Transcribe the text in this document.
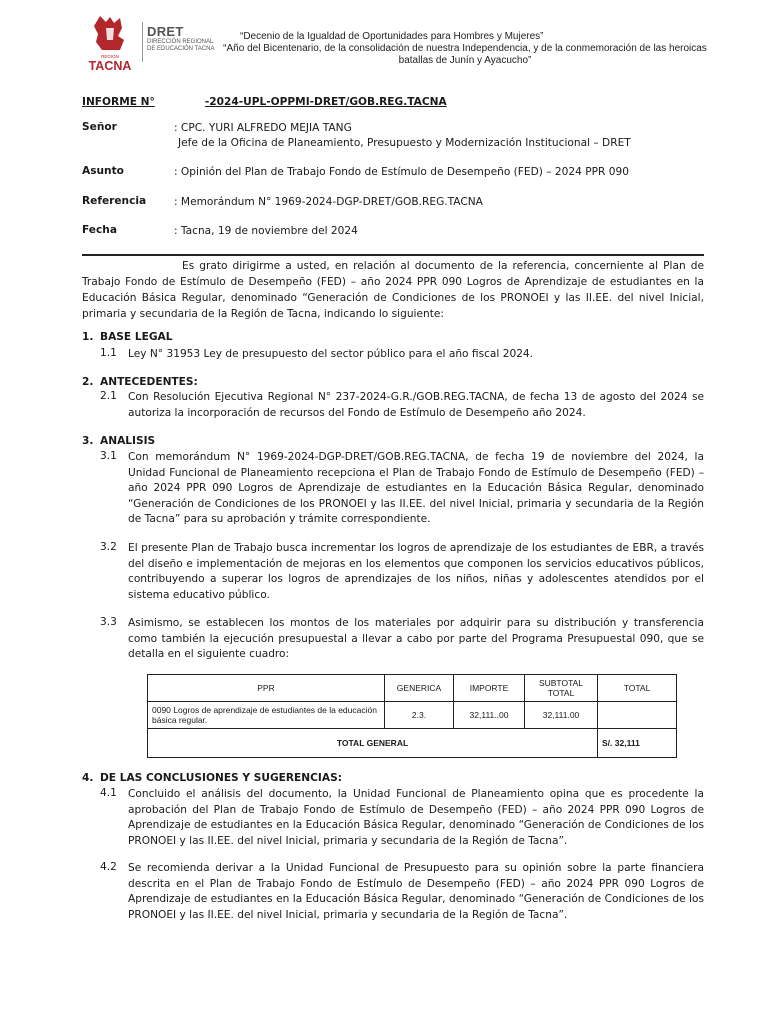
REGIÓN
TACNA
DRET
DIRECCIÓN REGIONAL
DE EDUCACIÓN TACNA
“Decenio de la Igualdad de Oportunidades para Hombres y Mujeres”
“Año del Bicentenario, de la consolidación de nuestra Independencia, y de la conmemoración de las heroicas batallas de Junín y Ayacucho”
INFORME N°	-2024-UPL-OPPMI-DRET/GOB.REG.TACNA
Señor	: CPC. YURI ALFREDO MEJIA TANG
Jefe de la Oficina de Planeamiento, Presupuesto y Modernización Institucional – DRET
Asunto	: Opinión del Plan de Trabajo Fondo de Estímulo de Desempeño (FED) – 2024 PPR 090
Referencia	: Memorándum N° 1969-2024-DGP-DRET/GOB.REG.TACNA
Fecha	: Tacna, 19 de noviembre del 2024
Es grato dirigirme a usted, en relación al documento de la referencia, concerniente al Plan de Trabajo Fondo de Estímulo de Desempeño (FED) – año 2024 PPR 090 Logros de Aprendizaje de estudiantes en la Educación Básica Regular, denominado “Generación de Condiciones de los PRONOEI y las II.EE. del nivel Inicial, primaria y secundaria de la Región de Tacna, indicando lo siguiente:
1. BASE LEGAL
1.1 Ley N° 31953 Ley de presupuesto del sector público para el año fiscal 2024.
2. ANTECEDENTES:
2.1 Con Resolución Ejecutiva Regional N° 237-2024-G.R./GOB.REG.TACNA, de fecha 13 de agosto del 2024 se autoriza la incorporación de recursos del Fondo de Estímulo de Desempeño año 2024.
3. ANALISIS
3.1 Con memorándum N° 1969-2024-DGP-DRET/GOB.REG.TACNA, de fecha 19 de noviembre del 2024, la Unidad Funcional de Planeamiento recepciona el Plan de Trabajo Fondo de Estímulo de Desempeño (FED) – año 2024 PPR 090 Logros de Aprendizaje de estudiantes en la Educación Básica Regular, denominado “Generación de Condiciones de los PRONOEI y las II.EE. del nivel Inicial, primaria y secundaria de la Región de Tacna” para su aprobación y trámite correspondiente.
3.2 El presente Plan de Trabajo busca incrementar los logros de aprendizaje de los estudiantes de EBR, a través del diseño e implementación de mejoras en los elementos que componen los servicios educativos públicos, contribuyendo a superar los logros de aprendizajes de los niños, niñas y adolescentes atendidos por el sistema educativo público.
3.3 Asimismo, se establecen los montos de los materiales por adquirir para su distribución y transferencia como también la ejecución presupuestal a llevar a cabo por parte del Programa Presupuestal 090, que se detalla en el siguiente cuadro:
PPR	GENERICA	IMPORTE	SUBTOTAL TOTAL	TOTAL
0090 Logros de aprendizaje de estudiantes de la educación básica regular.	2.3.	32,111..00	32,111.00	
TOTAL GENERAL				S/. 32,111
4. DE LAS CONCLUSIONES Y SUGERENCIAS:
4.1 Concluido el análisis del documento, la Unidad Funcional de Planeamiento opina que es procedente la aprobación del Plan de Trabajo Fondo de Estímulo de Desempeño (FED) – año 2024 PPR 090 Logros de Aprendizaje de estudiantes en la Educación Básica Regular, denominado “Generación de Condiciones de los PRONOEI y las II.EE. del nivel Inicial, primaria y secundaria de la Región de Tacna”.
4.2 Se recomienda derivar a la Unidad Funcional de Presupuesto para su opinión sobre la parte financiera descrita en el Plan de Trabajo Fondo de Estímulo de Desempeño (FED) – año 2024 PPR 090 Logros de Aprendizaje de estudiantes en la Educación Básica Regular, denominado “Generación de Condiciones de los PRONOEI y las II.EE. del nivel Inicial, primaria y secundaria de la Región de Tacna”.
